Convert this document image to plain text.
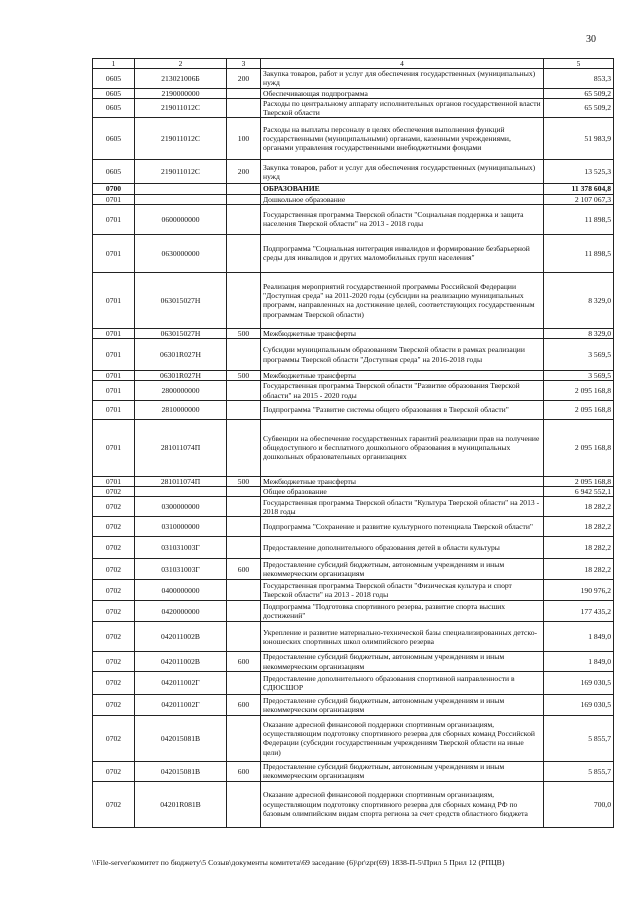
30
1	2	3	4	5
0605	213021006Б	200	Закупка товаров, работ и услуг для обеспечения государственных (муниципальных) нужд	853,3
0605	2190000000		Обеспечивающая подпрограмма	65 509,2
0605	219011012С		Расходы по центральному аппарату исполнительных органов государственной власти Тверской области	65 509,2
0605	219011012С	100	Расходы на выплаты персоналу в целях обеспечения выполнения функций государственными (муниципальными) органами, казенными учреждениями, органами управления государственными внебюджетными фондами	51 983,9
0605	219011012С	200	Закупка товаров, работ и услуг для обеспечения государственных (муниципальных) нужд	13 525,3
0700			ОБРАЗОВАНИЕ	11 378 604,8
0701			Дошкольное образование	2 107 067,3
0701	0600000000		Государственная программа Тверской области "Социальная поддержка и защита населения Тверской области" на 2013 - 2018 годы	11 898,5
0701	0630000000		Подпрограмма "Социальная интеграция инвалидов и формирование безбарьерной среды для инвалидов и других маломобильных групп населения"	11 898,5
0701	063015027Н		Реализация мероприятий государственной программы Российской Федерации "Доступная среда" на 2011-2020 годы (субсидии на реализацию муниципальных программ, направленных на достижение целей, соответствующих государственным программам Тверской области)	8 329,0
0701	063015027Н	500	Межбюджетные трансферты	8 329,0
0701	06301R027Н		Субсидии муниципальным образованиям Тверской области в рамках реализации программы Тверской области "Доступная среда" на 2016-2018 годы	3 569,5
0701	06301R027Н	500	Межбюджетные трансферты	3 569,5
0701	2800000000		Государственная программа Тверской области "Развитие образования Тверской области" на 2015 - 2020 годы	2 095 168,8
0701	2810000000		Подпрограмма "Развитие системы общего образования в Тверской области"	2 095 168,8
0701	281011074П		Субвенции на обеспечение государственных гарантий реализации прав на получение общедоступного и бесплатного дошкольного образования в муниципальных дошкольных образовательных организациях	2 095 168,8
0701	281011074П	500	Межбюджетные трансферты	2 095 168,8
0702			Общее образование	6 942 552,1
0702	0300000000		Государственная программа Тверской области "Культура Тверской области" на 2013 - 2018 годы	18 282,2
0702	0310000000		Подпрограмма "Сохранение и развитие культурного потенциала Тверской области"	18 282,2
0702	031031003Г		Предоставление дополнительного образования детей в области культуры	18 282,2
0702	031031003Г	600	Предоставление субсидий бюджетным, автономным учреждениям и иным некоммерческим организациям	18 282,2
0702	0400000000		Государственная программа Тверской области "Физическая культура и спорт Тверской области" на 2013 - 2018 годы	190 976,2
0702	0420000000		Подпрограмма "Подготовка спортивного резерва, развитие спорта высших достижений"	177 435,2
0702	042011002В		Укрепление и развитие материально-технической базы специализированных детско-юношеских спортивных школ олимпийского резерва	1 849,0
0702	042011002В	600	Предоставление субсидий бюджетным, автономным учреждениям и иным некоммерческим организациям	1 849,0
0702	042011002Г		Предоставление дополнительного образования спортивной направленности в СДЮСШОР	169 030,5
0702	042011002Г	600	Предоставление субсидий бюджетным, автономным учреждениям и иным некоммерческим организациям	169 030,5
0702	042015081В		Оказание адресной финансовой поддержки спортивным организациям, осуществляющим подготовку спортивного резерва для сборных команд Российской Федерации (субсидии государственным учреждениям Тверской области на иные цели)	5 855,7
0702	042015081В	600	Предоставление субсидий бюджетным, автономным учреждениям и иным некоммерческим организациям	5 855,7
0702	04201R081В		Оказание адресной финансовой поддержки спортивным организациям, осуществляющим подготовку спортивного резерва для сборных команд РФ по базовым олимпийским видам спорта региона за счет средств областного бюджета	700,0
\\File-server\комитет по бюджету\5 Созыв\документы комитета\69 заседание (6)\pr\zpr(69) 1838-П-5\Прил 5 Прил 12 (РПЦВ)
